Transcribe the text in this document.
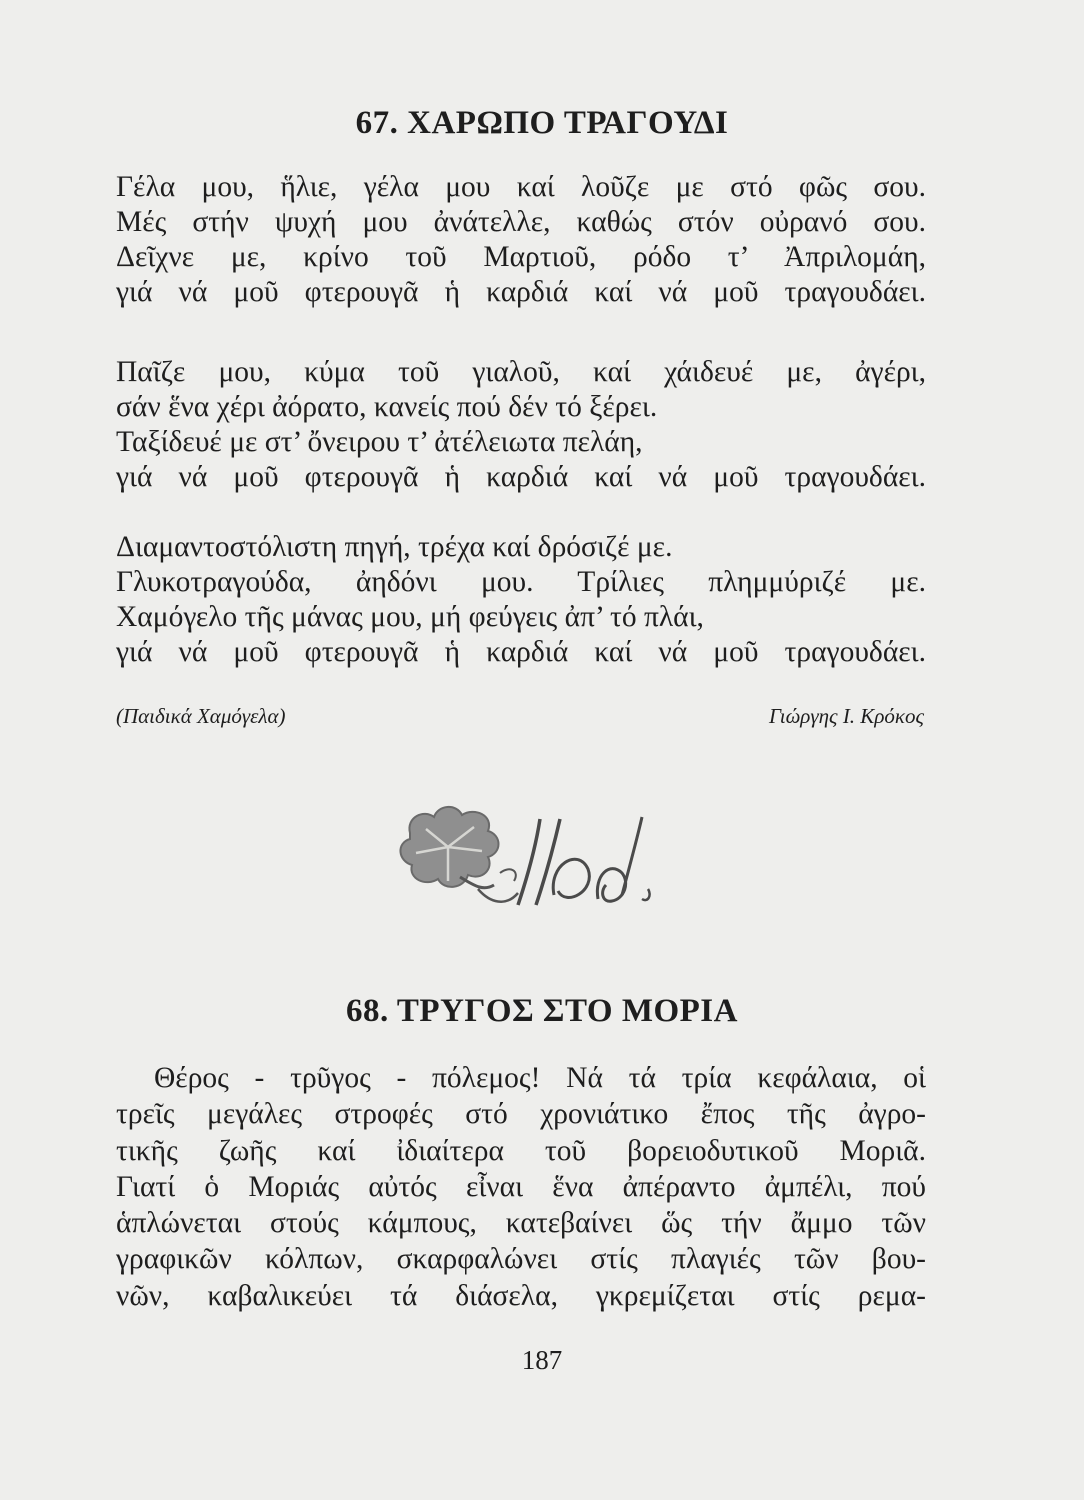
67. ΧΑΡΩΠΟ ΤΡΑΓΟΥΔΙ
Γέλα μου, ἥλιε, γέλα μου καί λοῦζε με στό φῶς σου.
Μές στήν ψυχή μου ἀνάτελλε, καθώς στόν οὐρανό σου.
Δεῖχνε με, κρίνο τοῦ Μαρτιοῦ, ρόδο τ’ Ἀπριλομάη,
γιά νά μοῦ φτερουγᾶ ἡ καρδιά καί νά μοῦ τραγουδάει.
Παῖζε μου, κύμα τοῦ γιαλοῦ, καί χάιδευέ με, ἀγέρι,
σάν ἕνα χέρι ἀόρατο, κανείς πού δέν τό ξέρει.
Ταξίδευέ με στ’ ὄνειρου τ’ ἀτέλειωτα πελάη,
γιά νά μοῦ φτερουγᾶ ἡ καρδιά καί νά μοῦ τραγουδάει.
Διαμαντοστόλιστη πηγή, τρέχα καί δρόσιζέ με.
Γλυκοτραγούδα, ἀηδόνι μου. Τρίλιες πλημμύριζέ με.
Χαμόγελο τῆς μάνας μου, μή φεύγεις ἀπ’ τό πλάι,
γιά νά μοῦ φτερουγᾶ ἡ καρδιά καί νά μοῦ τραγουδάει.
(Παιδικά Χαμόγελα)	Γιώργης Ι. Κρόκος
68. ΤΡΥΓΟΣ ΣΤΟ ΜΟΡΙΑ
Θέρος - τρῦγος - πόλεμος! Νά τά τρία κεφάλαια, οἱ
τρεῖς μεγάλες στροφές στό χρονιάτικο ἔπος τῆς ἀγρο-
τικῆς ζωῆς καί ἰδιαίτερα τοῦ βορειοδυτικοῦ Μοριᾶ.
Γιατί ὁ Μοριάς αὐτός εἶναι ἕνα ἀπέραντο ἀμπέλι, πού
ἁπλώνεται στούς κάμπους, κατεβαίνει ὥς τήν ἄμμο τῶν
γραφικῶν κόλπων, σκαρφαλώνει στίς πλαγιές τῶν βου-
νῶν, καβαλικεύει τά διάσελα, γκρεμίζεται στίς ρεμα-
187
